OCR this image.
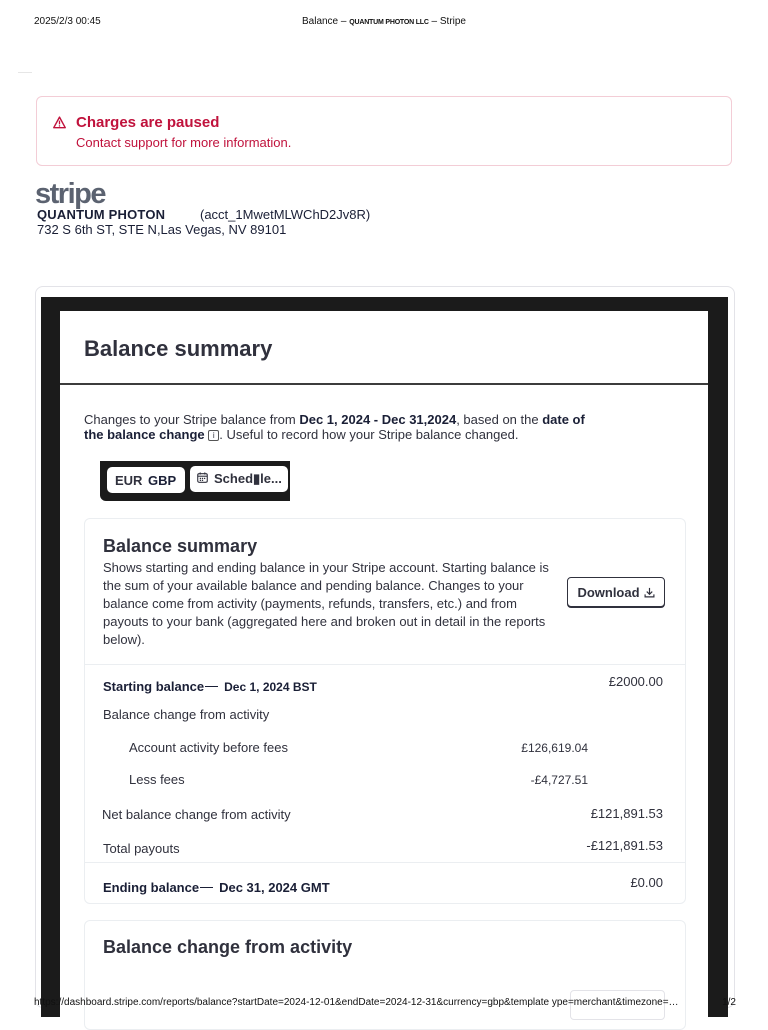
2025/2/3 00:45	Balance – QUANTUM PHOTON LLC – Stripe
Charges are paused
Contact support for more information.
stripe
QUANTUM PHOTON	(acct_1MwetMLWChD2Jv8R)
732 S 6th ST, STE N,Las Vegas, NV 89101
Balance summary
Changes to your Stripe balance from Dec 1, 2024 - Dec 31,2024, based on the date of the balance change i . Useful to record how your Stripe balance changed.
EUR GBP	Sched▮le...
Balance summary
Shows starting and ending balance in your Stripe account. Starting balance is the sum of your available balance and pending balance. Changes to your balance come from activity (payments, refunds, transfers, etc.) and from payouts to your bank (aggregated here and broken out in detail in the reports below).
Download
Starting balance Dec 1, 2024 BST	£2000.00
Balance change from activity
Account activity before fees	£126,619.04
Less fees	-£4,727.51
Net balance change from activity	£121,891.53
Total payouts	-£121,891.53
Ending balance Dec 31, 2024 GMT	£0.00
Balance change from activity
https://dashboard.stripe.com/reports/balance?startDate=2024-12-01&endDate=2024-12-31&currency=gbp&template ype=merchant&timezone=…	1/2
